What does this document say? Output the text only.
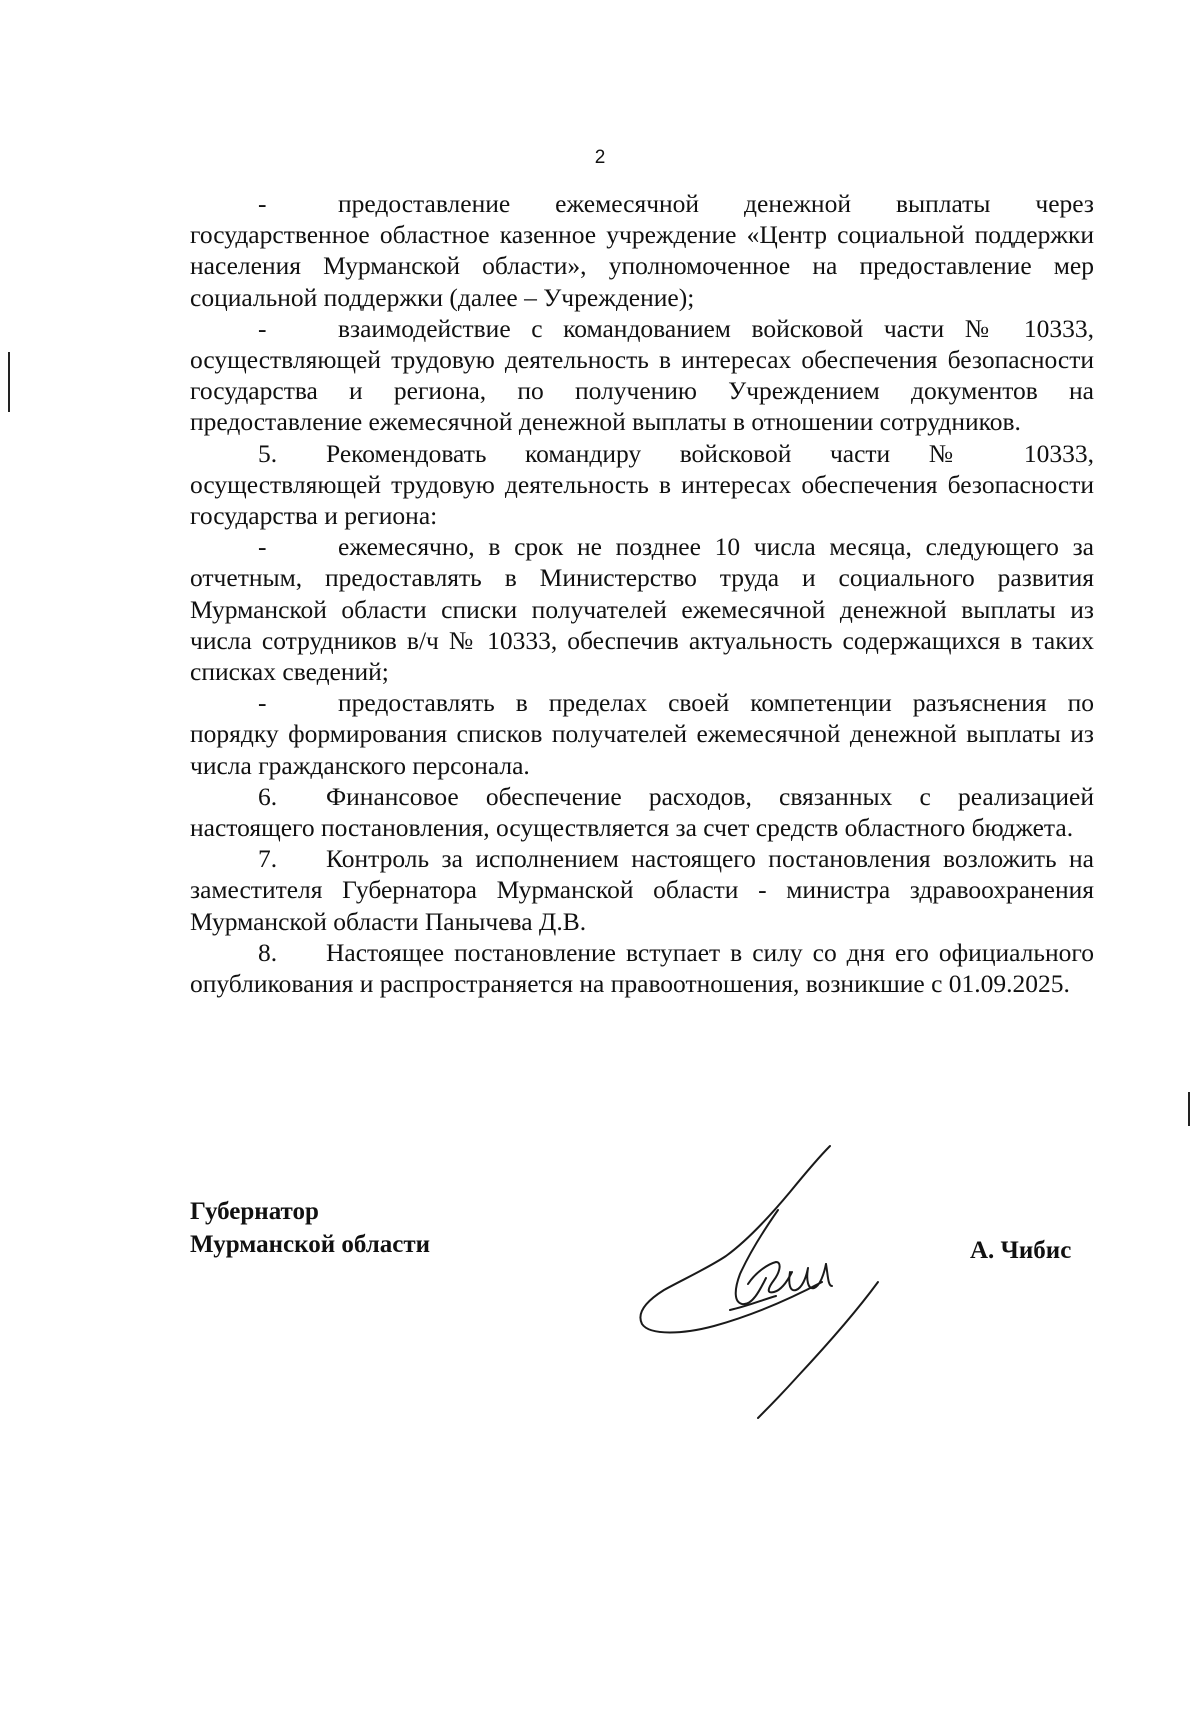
2

-	предоставление ежемесячной денежной выплаты через государственное областное казенное учреждение «Центр социальной поддержки населения Мурманской области», уполномоченное на предоставление мер социальной поддержки (далее – Учреждение);

-	взаимодействие с командованием войсковой части № 10333, осуществляющей трудовую деятельность в интересах обеспечения безопасности государства и региона, по получению Учреждением документов на предоставление ежемесячной денежной выплаты в отношении сотрудников.

5. Рекомендовать командиру войсковой части № 10333, осуществляющей трудовую деятельность в интересах обеспечения безопасности государства и региона:

-	ежемесячно, в срок не позднее 10 числа месяца, следующего за отчетным, предоставлять в Министерство труда и социального развития Мурманской области списки получателей ежемесячной денежной выплаты из числа сотрудников в/ч № 10333, обеспечив актуальность содержащихся в таких списках сведений;

-	предоставлять в пределах своей компетенции разъяснения по порядку формирования списков получателей ежемесячной денежной выплаты из числа гражданского персонала.

6. Финансовое обеспечение расходов, связанных с реализацией настоящего постановления, осуществляется за счет средств областного бюджета.

7. Контроль за исполнением настоящего постановления возложить на заместителя Губернатора Мурманской области - министра здравоохранения Мурманской области Панычева Д.В.

8. Настоящее постановление вступает в силу со дня его официального опубликования и распространяется на правоотношения, возникшие с 01.09.2025.

Губернатор
Мурманской области	А. Чибис
